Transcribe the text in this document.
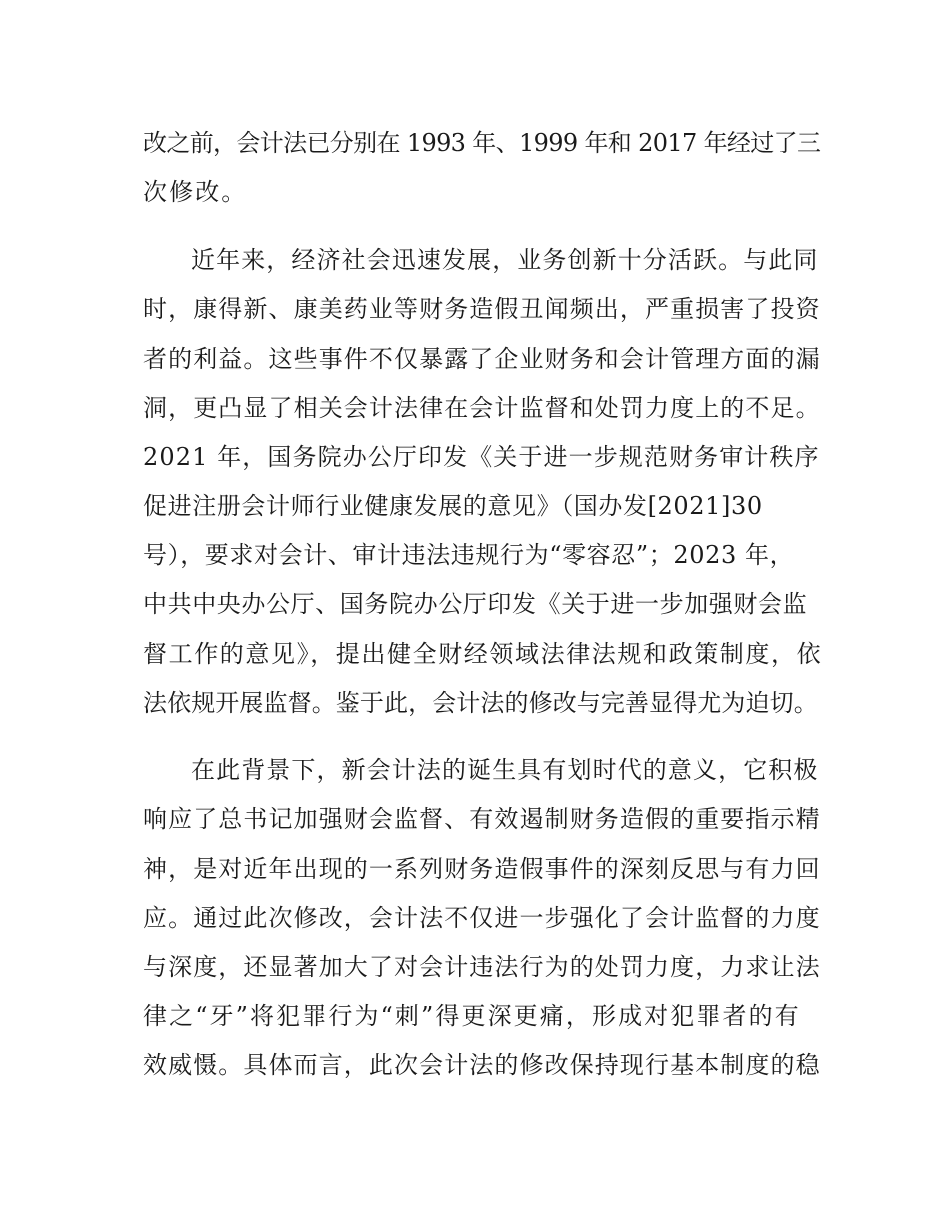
改之前，会计法已分别在 1993 年、1999 年和 2017 年经过了三
次修改。
近年来，经济社会迅速发展，业务创新十分活跃。与此同
时，康得新、康美药业等财务造假丑闻频出，严重损害了投资
者的利益。这些事件不仅暴露了企业财务和会计管理方面的漏
洞，更凸显了相关会计法律在会计监督和处罚力度上的不足。
2021 年，国务院办公厅印发《关于进一步规范财务审计秩序
促进注册会计师行业健康发展的意见》（国办发[2021]30
号），要求对会计、审计违法违规行为“零容忍”；2023 年，
中共中央办公厅、国务院办公厅印发《关于进一步加强财会监
督工作的意见》，提出健全财经领域法律法规和政策制度，依
法依规开展监督。鉴于此，会计法的修改与完善显得尤为迫切。
在此背景下，新会计法的诞生具有划时代的意义，它积极
响应了总书记加强财会监督、有效遏制财务造假的重要指示精
神，是对近年出现的一系列财务造假事件的深刻反思与有力回
应。通过此次修改，会计法不仅进一步强化了会计监督的力度
与深度，还显著加大了对会计违法行为的处罚力度，力求让法
律之“牙”将犯罪行为“刺”得更深更痛，形成对犯罪者的有
效威慑。具体而言，此次会计法的修改保持现行基本制度的稳
